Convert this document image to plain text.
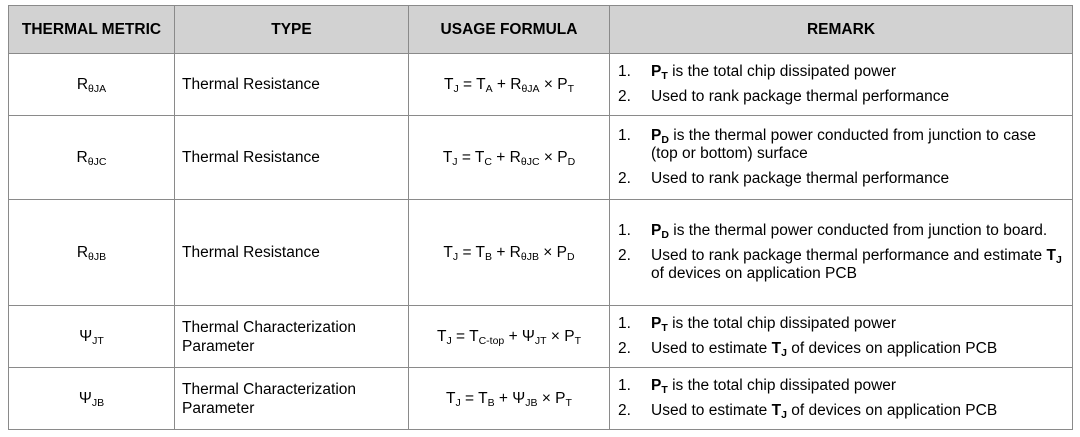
THERMAL METRIC	TYPE	USAGE FORMULA	REMARK
$R_{\theta JA}$	Thermal Resistance	$T_J = T_A + R_{\theta JA} \times P_T$	1. $P_T$ is the total chip dissipated power
2. Used to rank package thermal performance

$R_{\theta JC}$	Thermal Resistance	$T_J = T_C + R_{\theta JC} \times P_D$	1. $P_D$ is the thermal power conducted from junction to case (top or bottom) surface
2. Used to rank package thermal performance

$R_{\theta JB}$	Thermal Resistance	$T_J = T_B + R_{\theta JB} \times P_D$	1. $P_D$ is the thermal power conducted from junction to board.
2. Used to rank package thermal performance and estimate $T_J$ of devices on application PCB

$\Psi_{JT}$	Thermal Characterization Parameter	$T_J = T_{C-top} + \Psi_{JT} \times P_T$	1. $P_T$ is the total chip dissipated power
2. Used to estimate $T_J$ of devices on application PCB

$\Psi_{JB}$	Thermal Characterization Parameter	$T_J = T_B + \Psi_{JB} \times P_T$	1. $P_T$ is the total chip dissipated power
2. Used to estimate $T_J$ of devices on application PCB
